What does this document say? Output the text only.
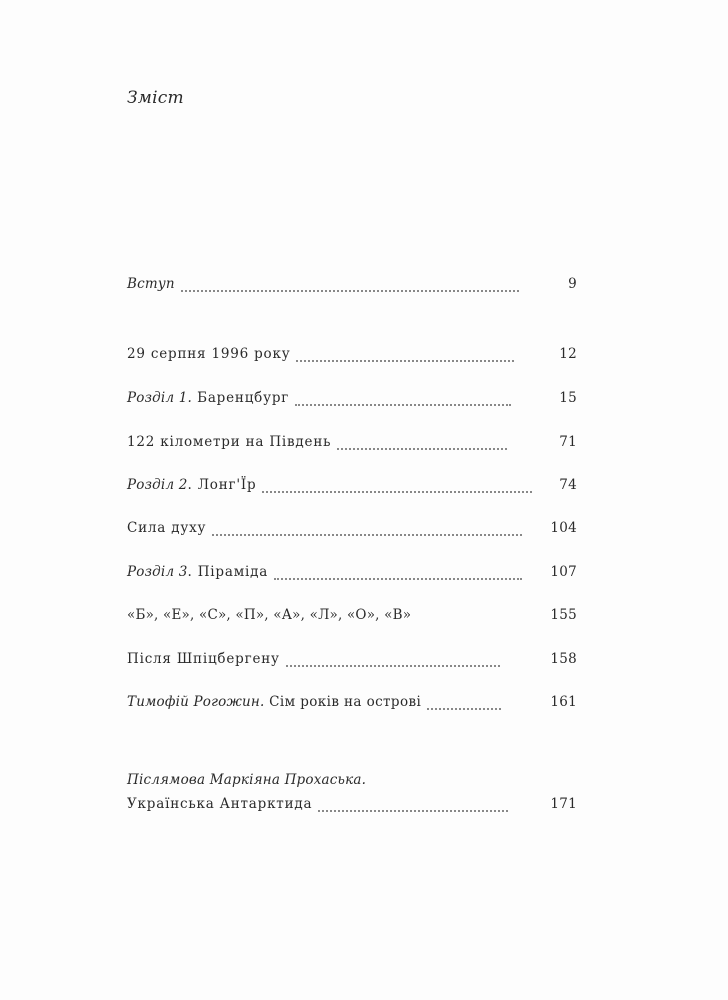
Зміст
Вступ	9
29 серпня 1996 року	12
Розділ 1. Баренцбург	15
122 кілометри на Південь	71
Розділ 2. Лонг'Їр	74
Сила духу	104
Розділ 3. Піраміда	107
«Б», «Е», «С», «П», «А», «Л», «О», «В»	155
Після Шпіцбергену	158
Тимофій Рогожин. Сім років на острові	161
Післямова Маркіяна Прохаська.
Українська Антарктида	171
